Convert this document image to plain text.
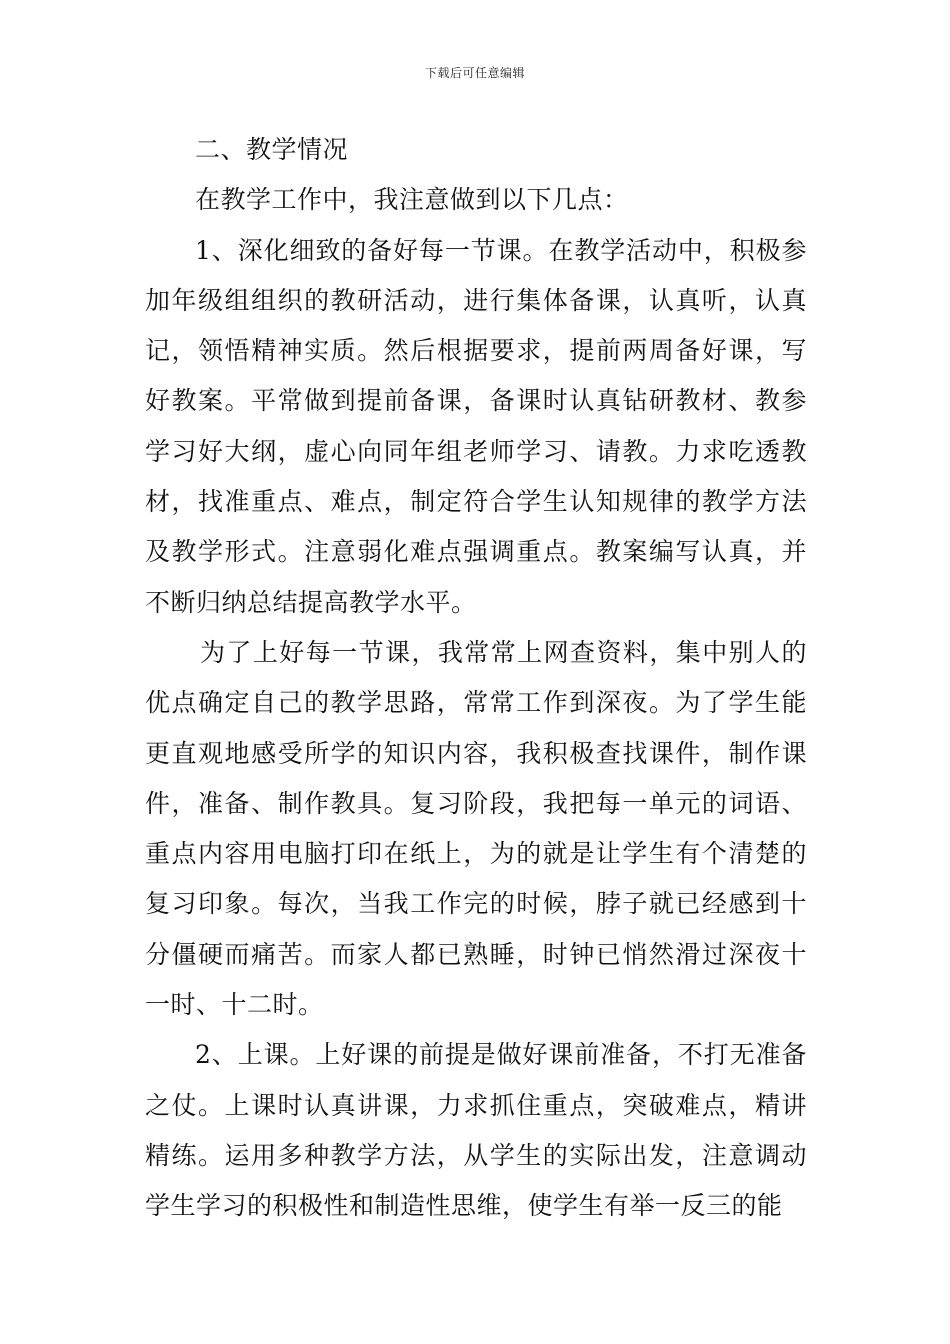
下载后可任意编辑

二、教学情况

在教学工作中，我注意做到以下几点：

1、深化细致的备好每一节课。在教学活动中，积极参加年级组组织的教研活动，进行集体备课，认真听，认真记，领悟精神实质。然后根据要求，提前两周备好课，写好教案。平常做到提前备课，备课时认真钻研教材、教参学习好大纲，虚心向同年组老师学习、请教。力求吃透教材，找准重点、难点，制定符合学生认知规律的教学方法及教学形式。注意弱化难点强调重点。教案编写认真，并不断归纳总结提高教学水平。

为了上好每一节课，我常常上网查资料，集中别人的优点确定自己的教学思路，常常工作到深夜。为了学生能更直观地感受所学的知识内容，我积极查找课件，制作课件，准备、制作教具。复习阶段，我把每一单元的词语、重点内容用电脑打印在纸上，为的就是让学生有个清楚的复习印象。每次，当我工作完的时候，脖子就已经感到十分僵硬而痛苦。而家人都已熟睡，时钟已悄然滑过深夜十一时、十二时。

2、上课。上好课的前提是做好课前准备，不打无准备之仗。上课时认真讲课，力求抓住重点，突破难点，精讲精练。运用多种教学方法，从学生的实际出发，注意调动学生学习的积极性和制造性思维，使学生有举一反三的能
